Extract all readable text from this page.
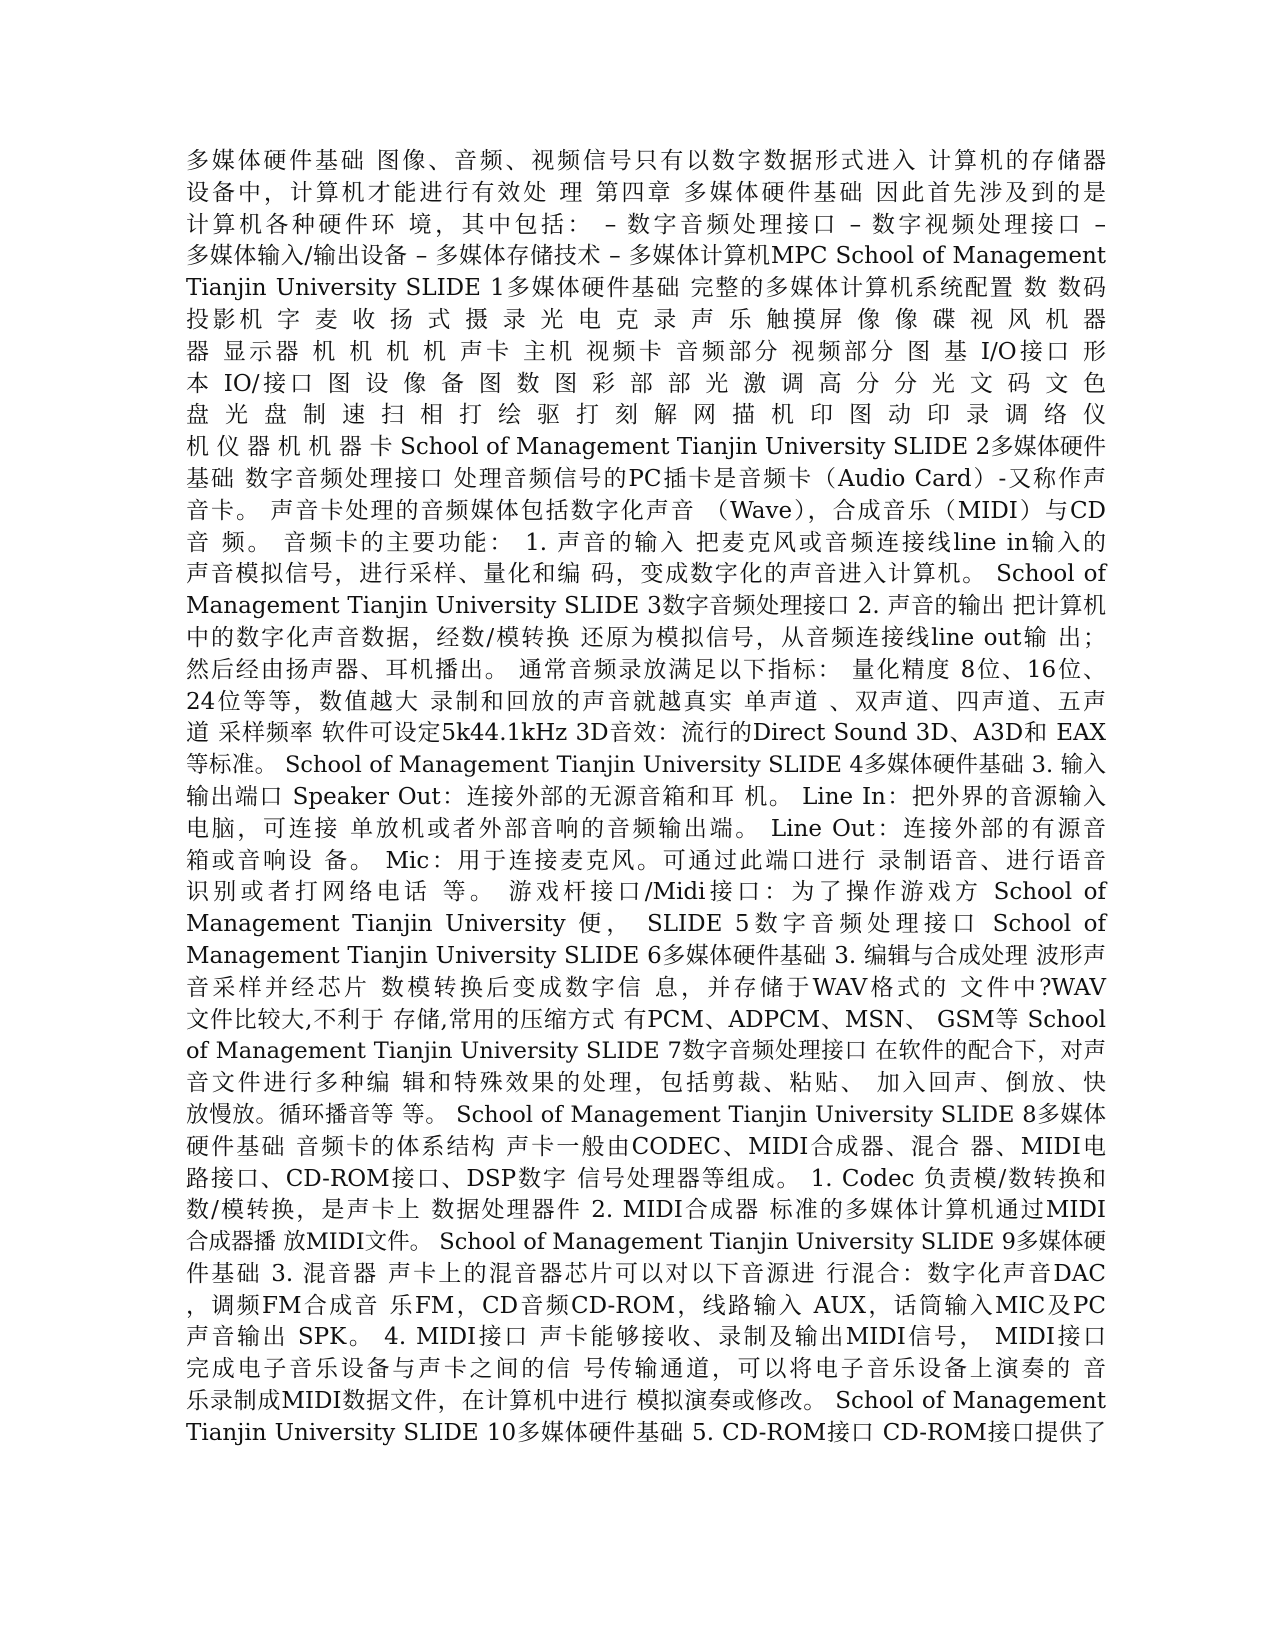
多媒体硬件基础 图像、音频、视频信号只有以数字数据形式进入 计算机的存储器
设备中，计算机才能进行有效处 理 第四章 多媒体硬件基础 因此首先涉及到的是
计算机各种硬件环 境，其中包括： – 数字音频处理接口 – 数字视频处理接口 –
多媒体输入/输出设备 – 多媒体存储技术 – 多媒体计算机MPC School of Management
Tianjin University SLIDE 1多媒体硬件基础 完整的多媒体计算机系统配置 数 数码
投影机 字 麦 收 扬 式 摄 录 光 电 克 录 声 乐 触摸屏 像 像 碟 视 风 机 器
器 显示器 机 机 机 机 声卡 主机 视频卡 音频部分 视频部分 图 基 I/O接口 形
本 IO/接口 图 设 像 备 图 数 图 彩 部 部 光 激 调 高 分 分 光 文 码 文 色
盘 光 盘 制 速 扫 相 打 绘 驱 打 刻 解 网 描 机 印 图 动 印 录 调 络 仪
机 仪 器 机 机 器 卡 School of Management Tianjin University SLIDE 2多媒体硬件
基础 数字音频处理接口 处理音频信号的PC插卡是音频卡（Audio Card）-又称作声
音卡。 声音卡处理的音频媒体包括数字化声音 （Wave），合成音乐（MIDI）与CD
音 频。 音频卡的主要功能： 1. 声音的输入 把麦克风或音频连接线line in输入的
声音模拟信号，进行采样、量化和编 码，变成数字化的声音进入计算机。 School of
Management Tianjin University SLIDE 3数字音频处理接口 2. 声音的输出 把计算机
中的数字化声音数据，经数/模转换 还原为模拟信号，从音频连接线line out输 出；
然后经由扬声器、耳机播出。 通常音频录放满足以下指标： 量化精度 8位、16位、
24位等等，数值越大 录制和回放的声音就越真实 单声道 、双声道、四声道、五声
道 采样频率 软件可设定5k44.1kHz 3D音效：流行的Direct Sound 3D、A3D和 EAX
等标准。 School of Management Tianjin University SLIDE 4多媒体硬件基础 3. 输入
输出端口 Speaker Out：连接外部的无源音箱和耳 机。 Line In：把外界的音源输入
电脑，可连接 单放机或者外部音响的音频输出端。 Line Out：连接外部的有源音
箱或音响设 备。 Mic：用于连接麦克风。可通过此端口进行 录制语音、进行语音
识别或者打网络电话 等。 游戏杆接口/Midi接口：为了操作游戏方 School of
Management Tianjin University 便， SLIDE 5数字音频处理接口 School of
Management Tianjin University SLIDE 6多媒体硬件基础 3. 编辑与合成处理 波形声
音采样并经芯片 数模转换后变成数字信 息，并存储于WAV格式的 文件中?WAV
文件比较大,不利于 存储,常用的压缩方式 有PCM、ADPCM、MSN、 GSM等 School
of Management Tianjin University SLIDE 7数字音频处理接口 在软件的配合下，对声
音文件进行多种编 辑和特殊效果的处理，包括剪裁、粘贴、 加入回声、倒放、快
放慢放。循环播音等 等。 School of Management Tianjin University SLIDE 8多媒体
硬件基础 音频卡的体系结构 声卡一般由CODEC、MIDI合成器、混合 器、MIDI电
路接口、CD-ROM接口、DSP数字 信号处理器等组成。 1. Codec 负责模/数转换和
数/模转换，是声卡上 数据处理器件 2. MIDI合成器 标准的多媒体计算机通过MIDI
合成器播 放MIDI文件。 School of Management Tianjin University SLIDE 9多媒体硬
件基础 3. 混音器 声卡上的混音器芯片可以对以下音源进 行混合：数字化声音DAC
，调频FM合成音 乐FM，CD音频CD-ROM，线路输入 AUX，话筒输入MIC及PC
声音输出 SPK。 4. MIDI接口 声卡能够接收、录制及输出MIDI信号， MIDI接口
完成电子音乐设备与声卡之间的信 号传输通道，可以将电子音乐设备上演奏的 音
乐录制成MIDI数据文件，在计算机中进行 模拟演奏或修改。 School of Management
Tianjin University SLIDE 10多媒体硬件基础 5. CD-ROM接口 CD-ROM接口提供了
